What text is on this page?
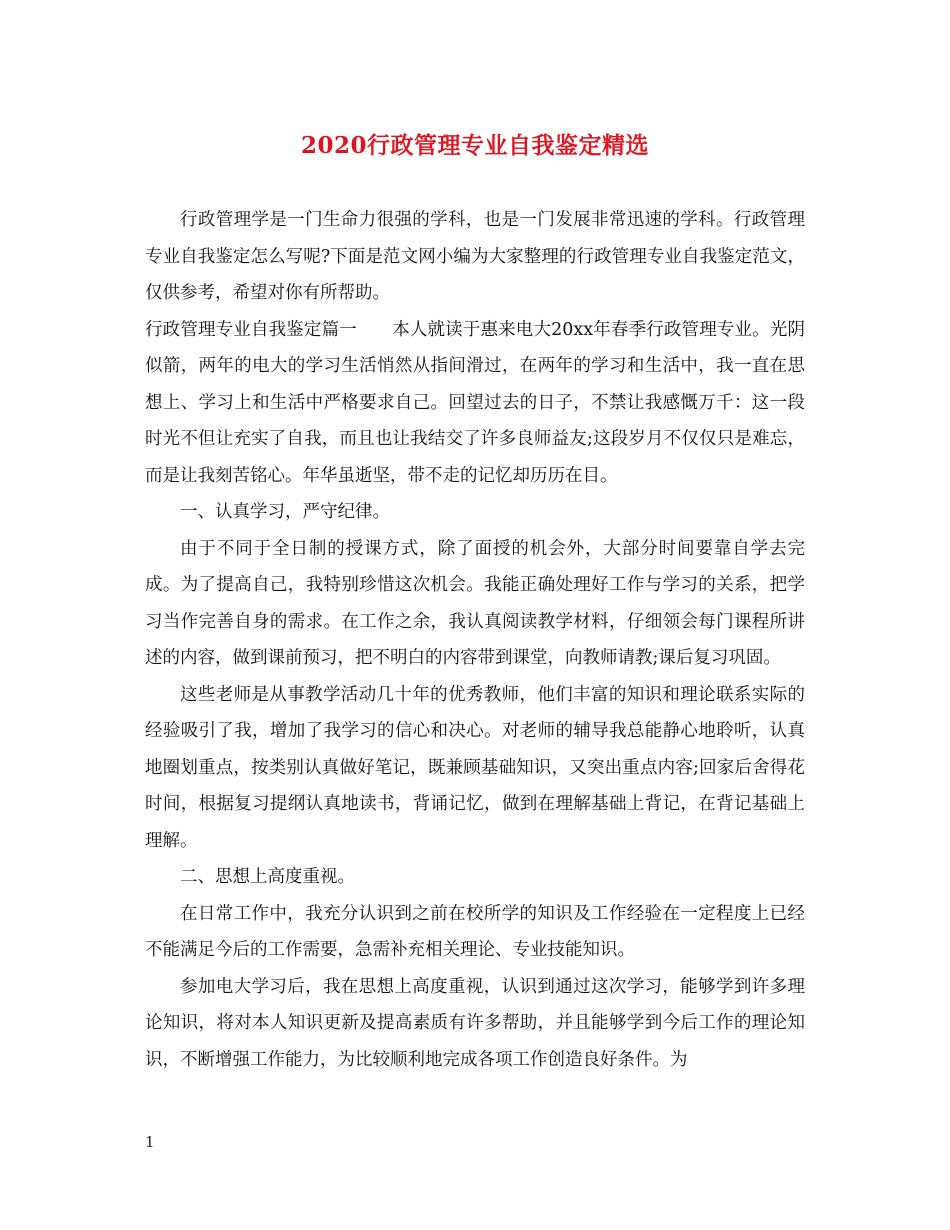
2020行政管理专业自我鉴定精选

行政管理学是一门生命力很强的学科，也是一门发展非常迅速的学科。行政管理专业自我鉴定怎么写呢?下面是范文网小编为大家整理的行政管理专业自我鉴定范文，仅供参考，希望对你有所帮助。

行政管理专业自我鉴定篇一　　本人就读于惠来电大20xx年春季行政管理专业。光阴似箭，两年的电大的学习生活悄然从指间滑过，在两年的学习和生活中，我一直在思想上、学习上和生活中严格要求自己。回望过去的日子，不禁让我感慨万千：这一段时光不但让充实了自我，而且也让我结交了许多良师益友;这段岁月不仅仅只是难忘，而是让我刻苦铭心。年华虽逝坚，带不走的记忆却历历在目。

一、认真学习，严守纪律。

由于不同于全日制的授课方式，除了面授的机会外，大部分时间要靠自学去完成。为了提高自己，我特别珍惜这次机会。我能正确处理好工作与学习的关系，把学习当作完善自身的需求。在工作之余，我认真阅读教学材料，仔细领会每门课程所讲述的内容，做到课前预习，把不明白的内容带到课堂，向教师请教;课后复习巩固。

这些老师是从事教学活动几十年的优秀教师，他们丰富的知识和理论联系实际的经验吸引了我，增加了我学习的信心和决心。对老师的辅导我总能静心地聆听，认真地圈划重点，按类别认真做好笔记，既兼顾基础知识，又突出重点内容;回家后舍得花时间，根据复习提纲认真地读书，背诵记忆，做到在理解基础上背记，在背记基础上理解。

二、思想上高度重视。

在日常工作中，我充分认识到之前在校所学的知识及工作经验在一定程度上已经不能满足今后的工作需要，急需补充相关理论、专业技能知识。

参加电大学习后，我在思想上高度重视，认识到通过这次学习，能够学到许多理论知识，将对本人知识更新及提高素质有许多帮助，并且能够学到今后工作的理论知识，不断增强工作能力，为比较顺利地完成各项工作创造良好条件。为

1
